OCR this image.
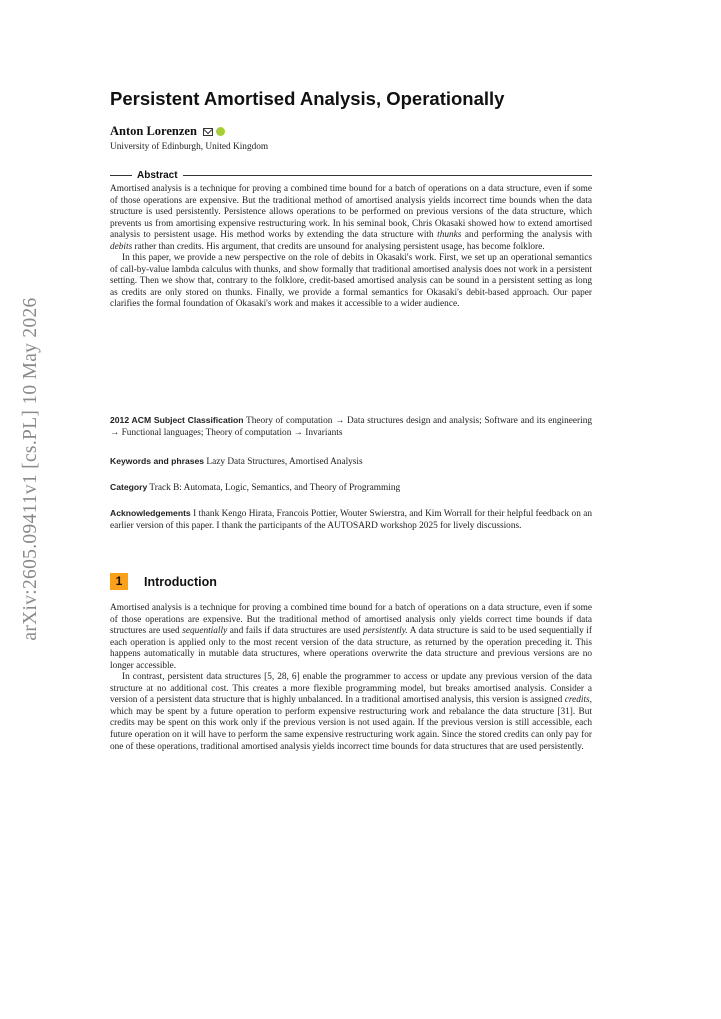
arXiv:2605.09411v1 [cs.PL] 10 May 2026
Persistent Amortised Analysis, Operationally
Anton Lorenzen
University of Edinburgh, United Kingdom
Abstract

Amortised analysis is a technique for proving a combined time bound for a batch of operations on a data structure, even if some of those operations are expensive. But the traditional method of amortised analysis yields incorrect time bounds when the data structure is used persistently. Persistence allows operations to be performed on previous versions of the data structure, which prevents us from amortising expensive restructuring work. In his seminal book, Chris Okasaki showed how to extend amortised analysis to persistent usage. His method works by extending the data structure with thunks and performing the analysis with debits rather than credits. His argument, that credits are unsound for analysing persistent usage, has become folklore.

In this paper, we provide a new perspective on the role of debits in Okasaki's work. First, we set up an operational semantics of call-by-value lambda calculus with thunks, and show formally that traditional amortised analysis does not work in a persistent setting. Then we show that, contrary to the folklore, credit-based amortised analysis can be sound in a persistent setting as long as credits are only stored on thunks. Finally, we provide a formal semantics for Okasaki's debit-based approach. Our paper clarifies the formal foundation of Okasaki's work and makes it accessible to a wider audience.

2012 ACM Subject Classification Theory of computation → Data structures design and analysis; Software and its engineering → Functional languages; Theory of computation → Invariants
Keywords and phrases Lazy Data Structures, Amortised Analysis
Category Track B: Automata, Logic, Semantics, and Theory of Programming
Acknowledgements I thank Kengo Hirata, Francois Pottier, Wouter Swierstra, and Kim Worrall for their helpful feedback on an earlier version of this paper. I thank the participants of the AUTOSARD workshop 2025 for lively discussions.
1	Introduction

Amortised analysis is a technique for proving a combined time bound for a batch of operations on a data structure, even if some of those operations are expensive. But the traditional method of amortised analysis only yields correct time bounds if data structures are used sequentially and fails if data structures are used persistently. A data structure is said to be used sequentially if each operation is applied only to the most recent version of the data structure, as returned by the operation preceding it. This happens automatically in mutable data structures, where operations overwrite the data structure and previous versions are no longer accessible.

In contrast, persistent data structures [5, 28, 6] enable the programmer to access or update any previous version of the data structure at no additional cost. This creates a more flexible programming model, but breaks amortised analysis. Consider a version of a persistent data structure that is highly unbalanced. In a traditional amortised analysis, this version is assigned credits, which may be spent by a future operation to perform expensive restructuring work and rebalance the data structure [31]. But credits may be spent on this work only if the previous version is not used again. If the previous version is still accessible, each future operation on it will have to perform the same expensive restructuring work again. Since the stored credits can only pay for one of these operations, traditional amortised analysis yields incorrect time bounds for data structures that are used persistently.
